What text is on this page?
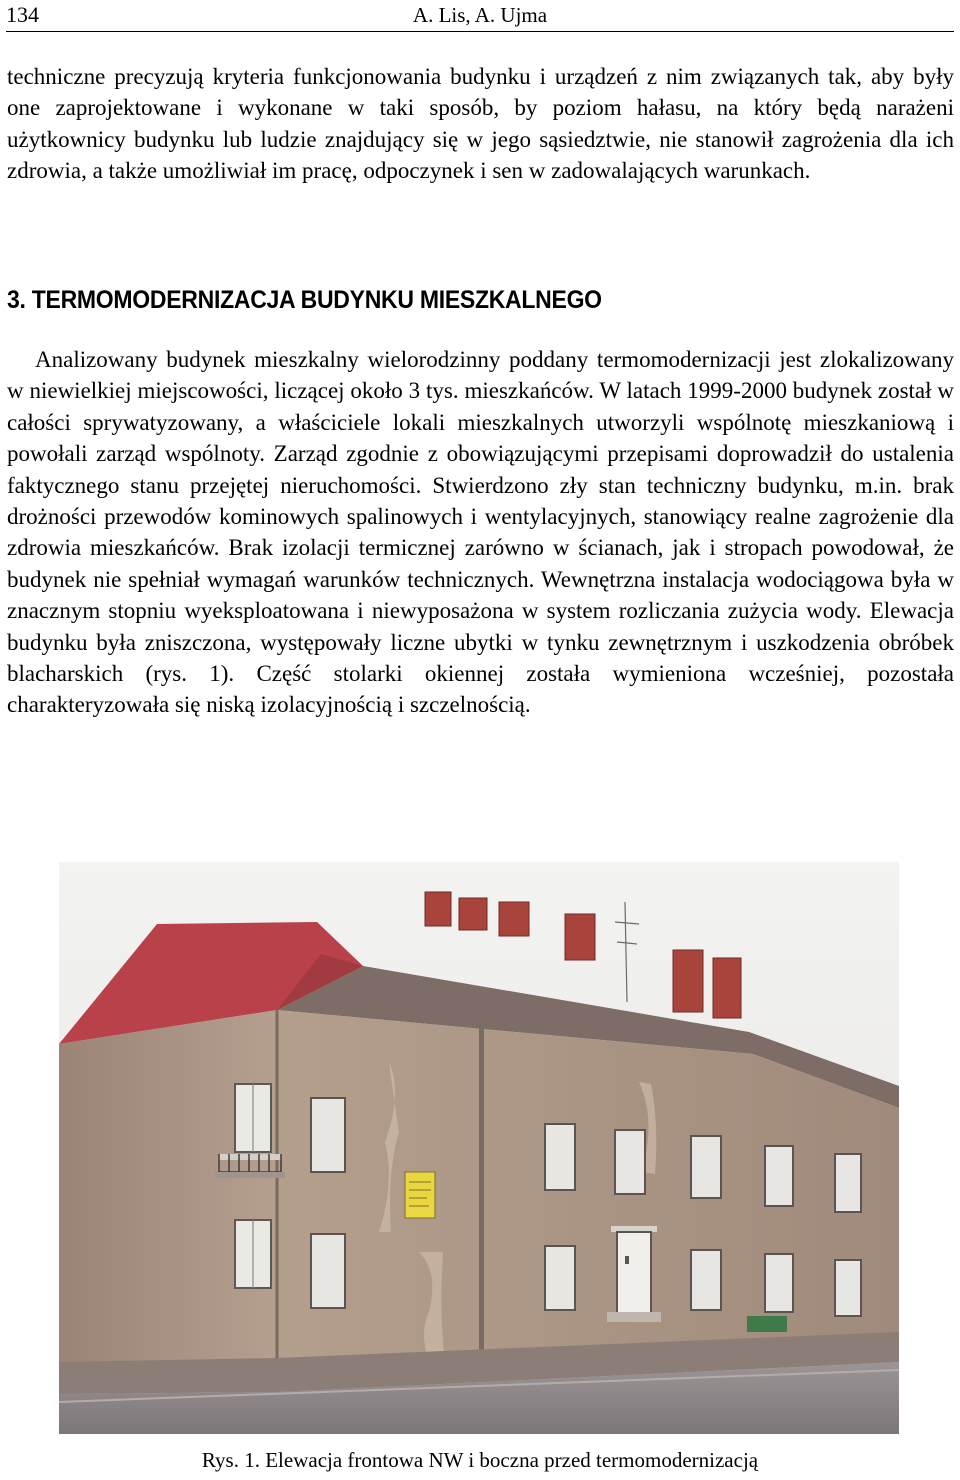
134	A. Lis, A. Ujma

techniczne precyzują kryteria funkcjonowania budynku i urządzeń z nim związanych tak, aby były one zaprojektowane i wykonane w taki sposób, by poziom hałasu, na który będą narażeni użytkownicy budynku lub ludzie znajdujący się w jego sąsiedztwie, nie stanowił zagrożenia dla ich zdrowia, a także umożliwiał im pracę, odpoczynek i sen w zadowalających warunkach.

3. TERMOMODERNIZACJA BUDYNKU MIESZKALNEGO

Analizowany budynek mieszkalny wielorodzinny poddany termomodernizacji jest zlokalizowany w niewielkiej miejscowości, liczącej około 3 tys. mieszkańców. W latach 1999-2000 budynek został w całości sprywatyzowany, a właściciele lokali mieszkalnych utworzyli wspólnotę mieszkaniową i powołali zarząd wspólnoty. Zarząd zgodnie z obowiązującymi przepisami doprowadził do ustalenia faktycznego stanu przejętej nieruchomości. Stwierdzono zły stan techniczny budynku, m.in. brak drożności przewodów kominowych spalinowych i wentylacyjnych, stanowiący realne zagrożenie dla zdrowia mieszkańców. Brak izolacji termicznej zarówno w ścianach, jak i stropach powodował, że budynek nie spełniał wymagań warunków technicznych. Wewnętrzna instalacja wodociągowa była w znacznym stopniu wyeksploatowana i niewyposażona w system rozliczania zużycia wody. Elewacja budynku była zniszczona, występowały liczne ubytki w tynku zewnętrznym i uszkodzenia obróbek blacharskich (rys. 1). Część stolarki okiennej została wymieniona wcześniej, pozostała charakteryzowała się niską izolacyjnością i szczelnością.

Rys. 1. Elewacja frontowa NW i boczna przed termomodernizacją
